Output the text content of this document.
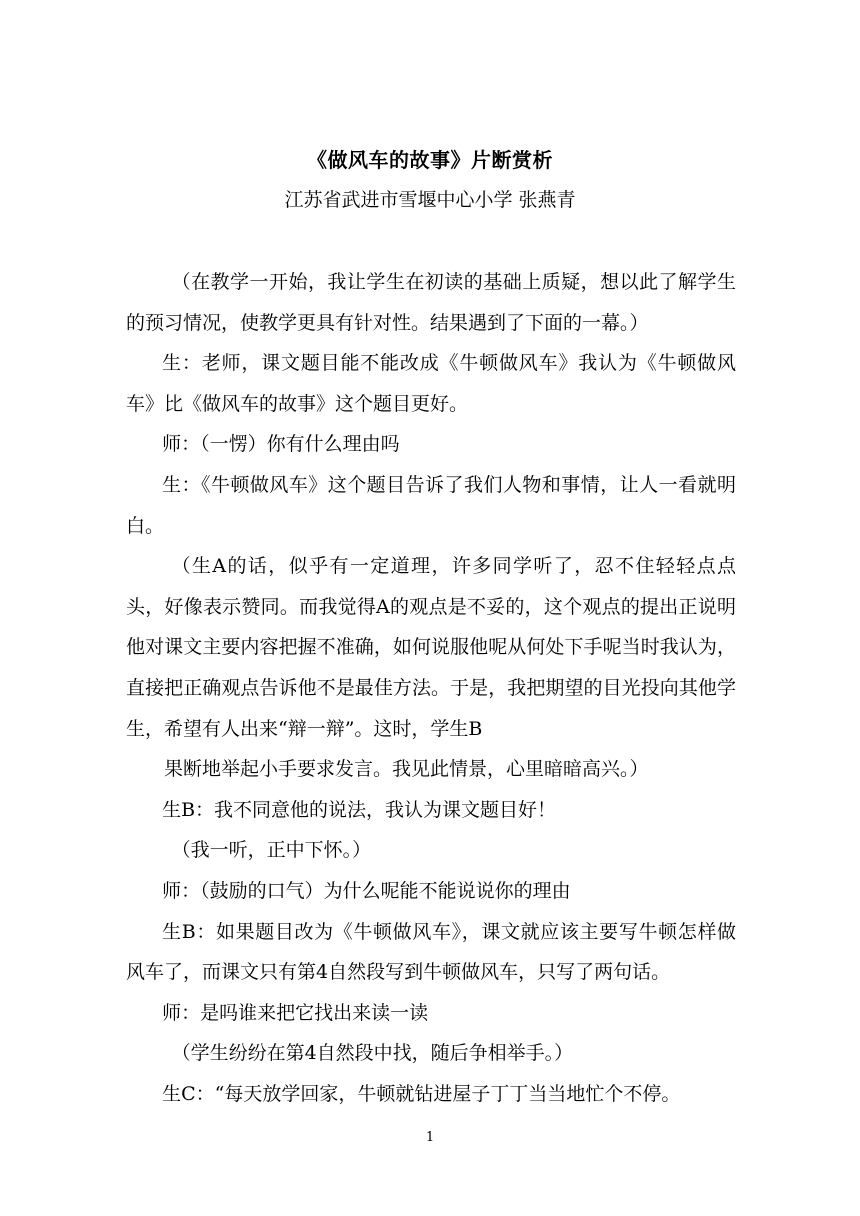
《做风车的故事》片断赏析
江苏省武进市雪堰中心小学 张燕青

（在教学一开始，我让学生在初读的基础上质疑，想以此了解学生的预习情况，使教学更具有针对性。结果遇到了下面的一幕。）

生：老师，课文题目能不能改成《牛顿做风车》我认为《牛顿做风车》比《做风车的故事》这个题目更好。

师：（一愣）你有什么理由吗

生：《牛顿做风车》这个题目告诉了我们人物和事情，让人一看就明白。

（生A的话，似乎有一定道理，许多同学听了，忍不住轻轻点点头，好像表示赞同。而我觉得A的观点是不妥的，这个观点的提出正说明他对课文主要内容把握不准确，如何说服他呢从何处下手呢当时我认为，直接把正确观点告诉他不是最佳方法。于是，我把期望的目光投向其他学生，希望有人出来“辩一辩”。这时，学生B

果断地举起小手要求发言。我见此情景，心里暗暗高兴。）

生B：我不同意他的说法，我认为课文题目好！

（我一听，正中下怀。）

师：（鼓励的口气）为什么呢能不能说说你的理由

生B：如果题目改为《牛顿做风车》，课文就应该主要写牛顿怎样做风车了，而课文只有第4自然段写到牛顿做风车，只写了两句话。

师：是吗谁来把它找出来读一读

（学生纷纷在第4自然段中找，随后争相举手。）

生C：“每天放学回家，牛顿就钻进屋子丁丁当当地忙个不停。

1
